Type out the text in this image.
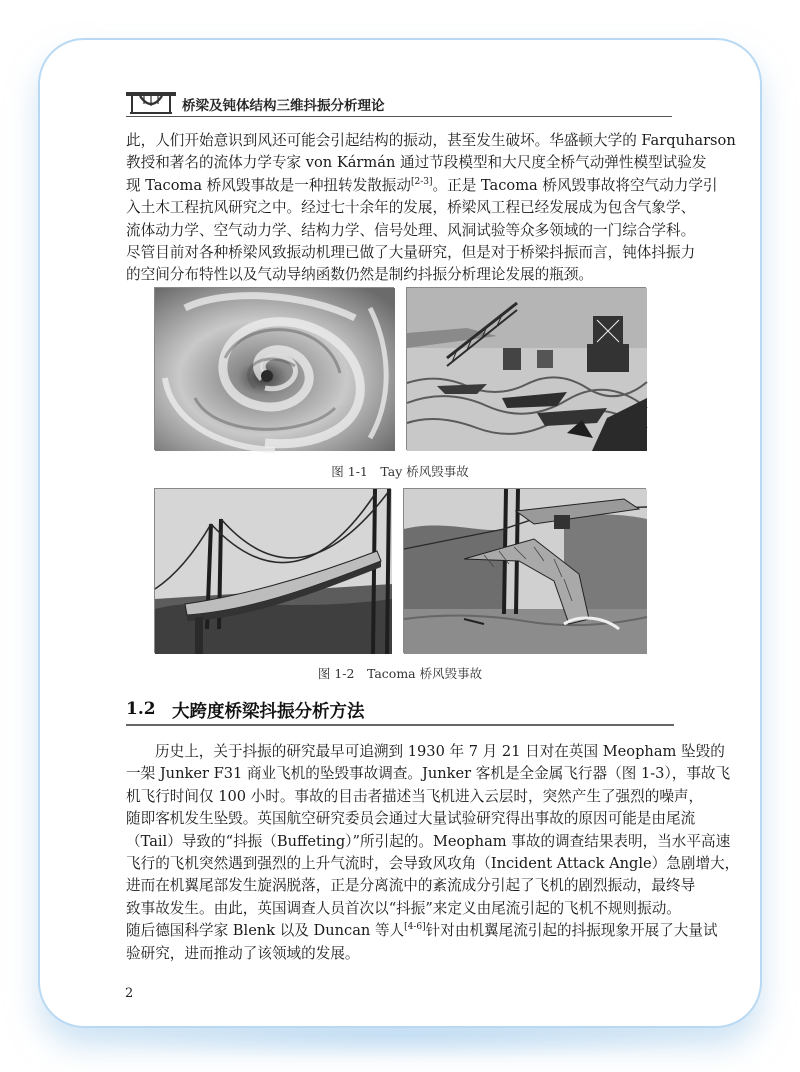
桥梁及钝体结构三维抖振分析理论
此，人们开始意识到风还可能会引起结构的振动，甚至发生破坏。华盛顿大学的 Farquharson
教授和著名的流体力学专家 von Kármán 通过节段模型和大尺度全桥气动弹性模型试验发
现 Tacoma 桥风毁事故是一种扭转发散振动[2-3]。正是 Tacoma 桥风毁事故将空气动力学引
入土木工程抗风研究之中。经过七十余年的发展，桥梁风工程已经发展成为包含气象学、
流体动力学、空气动力学、结构力学、信号处理、风洞试验等众多领域的一门综合学科。
尽管目前对各种桥梁风致振动机理已做了大量研究，但是对于桥梁抖振而言，钝体抖振力
的空间分布特性以及气动导纳函数仍然是制约抖振分析理论发展的瓶颈。
图 1-1　Tay 桥风毁事故
图 1-2　Tacoma 桥风毁事故
1.2 大跨度桥梁抖振分析方法
历史上，关于抖振的研究最早可追溯到 1930 年 7 月 21 日对在英国 Meopham 坠毁的
一架 Junker F31 商业飞机的坠毁事故调查。Junker 客机是全金属飞行器（图 1-3），事故飞
机飞行时间仅 100 小时。事故的目击者描述当飞机进入云层时，突然产生了强烈的噪声，
随即客机发生坠毁。英国航空研究委员会通过大量试验研究得出事故的原因可能是由尾流
（Tail）导致的“抖振（Buffeting）”所引起的。Meopham 事故的调查结果表明，当水平高速
飞行的飞机突然遇到强烈的上升气流时，会导致风攻角（Incident Attack Angle）急剧增大，
进而在机翼尾部发生旋涡脱落，正是分离流中的紊流成分引起了飞机的剧烈振动，最终导
致事故发生。由此，英国调查人员首次以“抖振”来定义由尾流引起的飞机不规则振动。
随后德国科学家 Blenk 以及 Duncan 等人[4-6]针对由机翼尾流引起的抖振现象开展了大量试
验研究，进而推动了该领域的发展。
2
